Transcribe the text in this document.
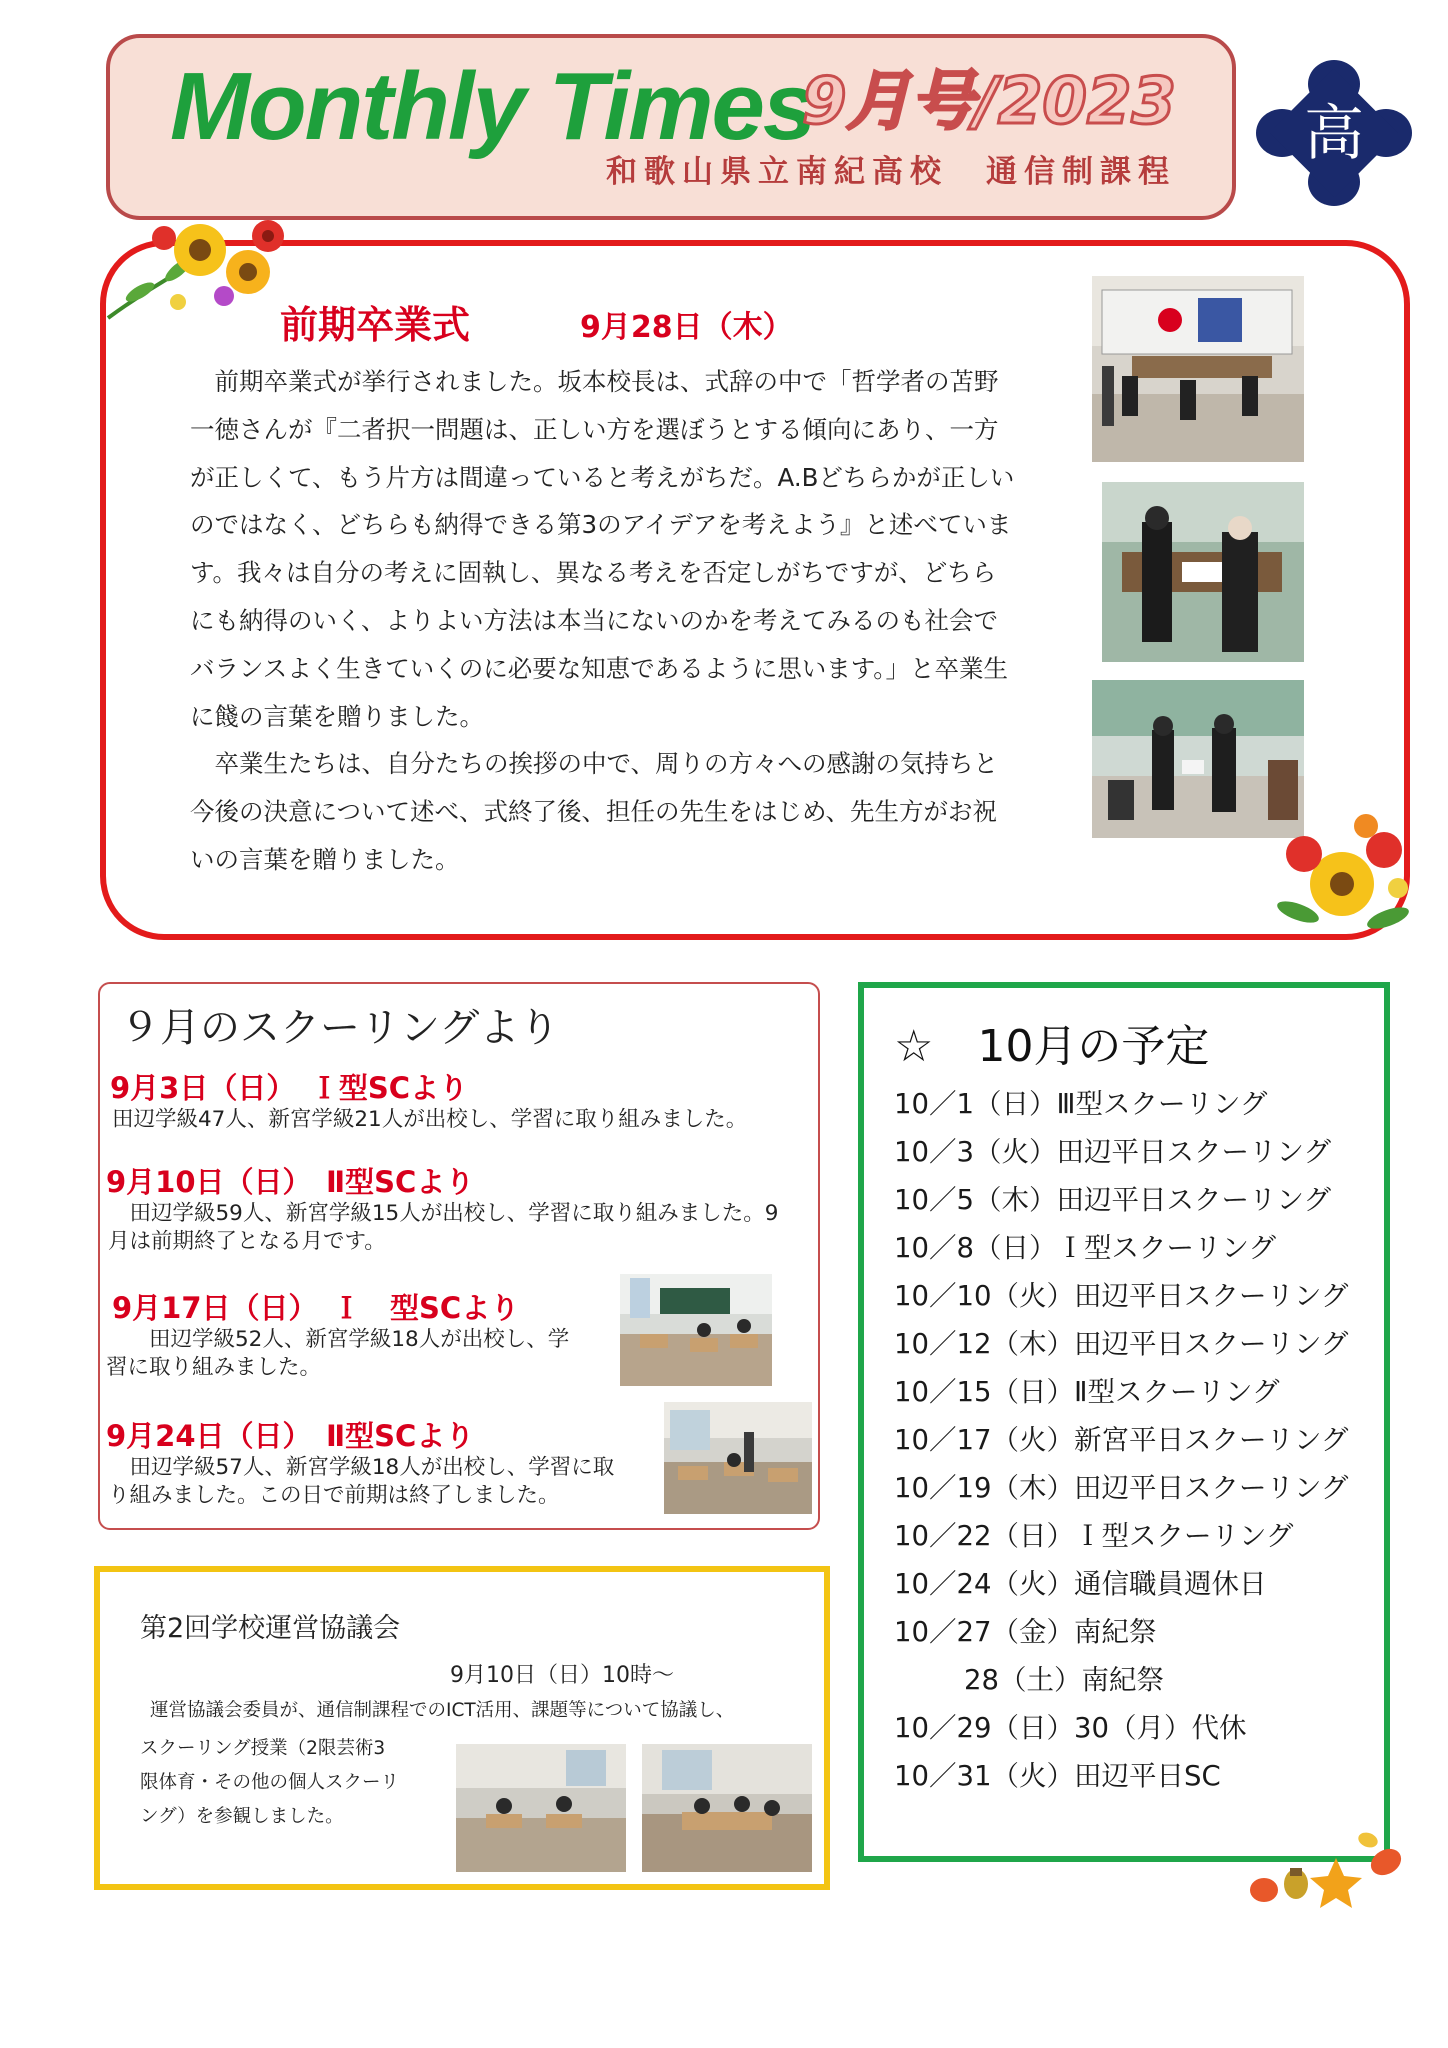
Monthly Times
9月号/2023
和歌山県立南紀高校　通信制課程
高
前期卒業式	9月28日（木）

前期卒業式が挙行されました。坂本校長は、式辞の中で「哲学者の苫野一徳さんが『二者択一問題は、正しい方を選ぼうとする傾向にあり、一方が正しくて、もう片方は間違っていると考えがちだ。A.Bどちらかが正しいのではなく、どちらも納得できる第3のアイデアを考えよう』と述べています。我々は自分の考えに固執し、異なる考えを否定しがちですが、どちらにも納得のいく、よりよい方法は本当にないのかを考えてみるのも社会でバランスよく生きていくのに必要な知恵であるように思います。」と卒業生に餞の言葉を贈りました。

卒業生たちは、自分たちの挨拶の中で、周りの方々への感謝の気持ちと今後の決意について述べ、式終了後、担任の先生をはじめ、先生方がお祝いの言葉を贈りました。

９月のスクーリングより
9月3日（日）　Ｉ型SCより
田辺学級47人、新宮学級21人が出校し、学習に取り組みました。
9月10日（日）　Ⅱ型SCより
　田辺学級59人、新宮学級15人が出校し、学習に取り組みました。9月は前期終了となる月です。
9月17日（日）　Ｉ　型SCより
　　田辺学級52人、新宮学級18人が出校し、学習に取り組みました。
9月24日（日）　Ⅱ型SCより
　田辺学級57人、新宮学級18人が出校し、学習に取り組みました。この日で前期は終了しました。
第2回学校運営協議会
9月10日（日）10時～
運営協議会委員が、通信制課程でのICT活用、課題等について協議し、
スクーリング授業（2限芸術3限体育・その他の個人スクーリング）を参観しました。
☆　10月の予定
10／1（日）Ⅲ型スクーリング
10／3（火）田辺平日スクーリング
10／5（木）田辺平日スクーリング
10／8（日）Ｉ型スクーリング
10／10（火）田辺平日スクーリング
10／12（木）田辺平日スクーリング
10／15（日）Ⅱ型スクーリング
10／17（火）新宮平日スクーリング
10／19（木）田辺平日スクーリング
10／22（日）Ｉ型スクーリング
10／24（火）通信職員週休日
10／27（金）南紀祭
28（土）南紀祭
10／29（日）30（月）代休
10／31（火）田辺平日SC
